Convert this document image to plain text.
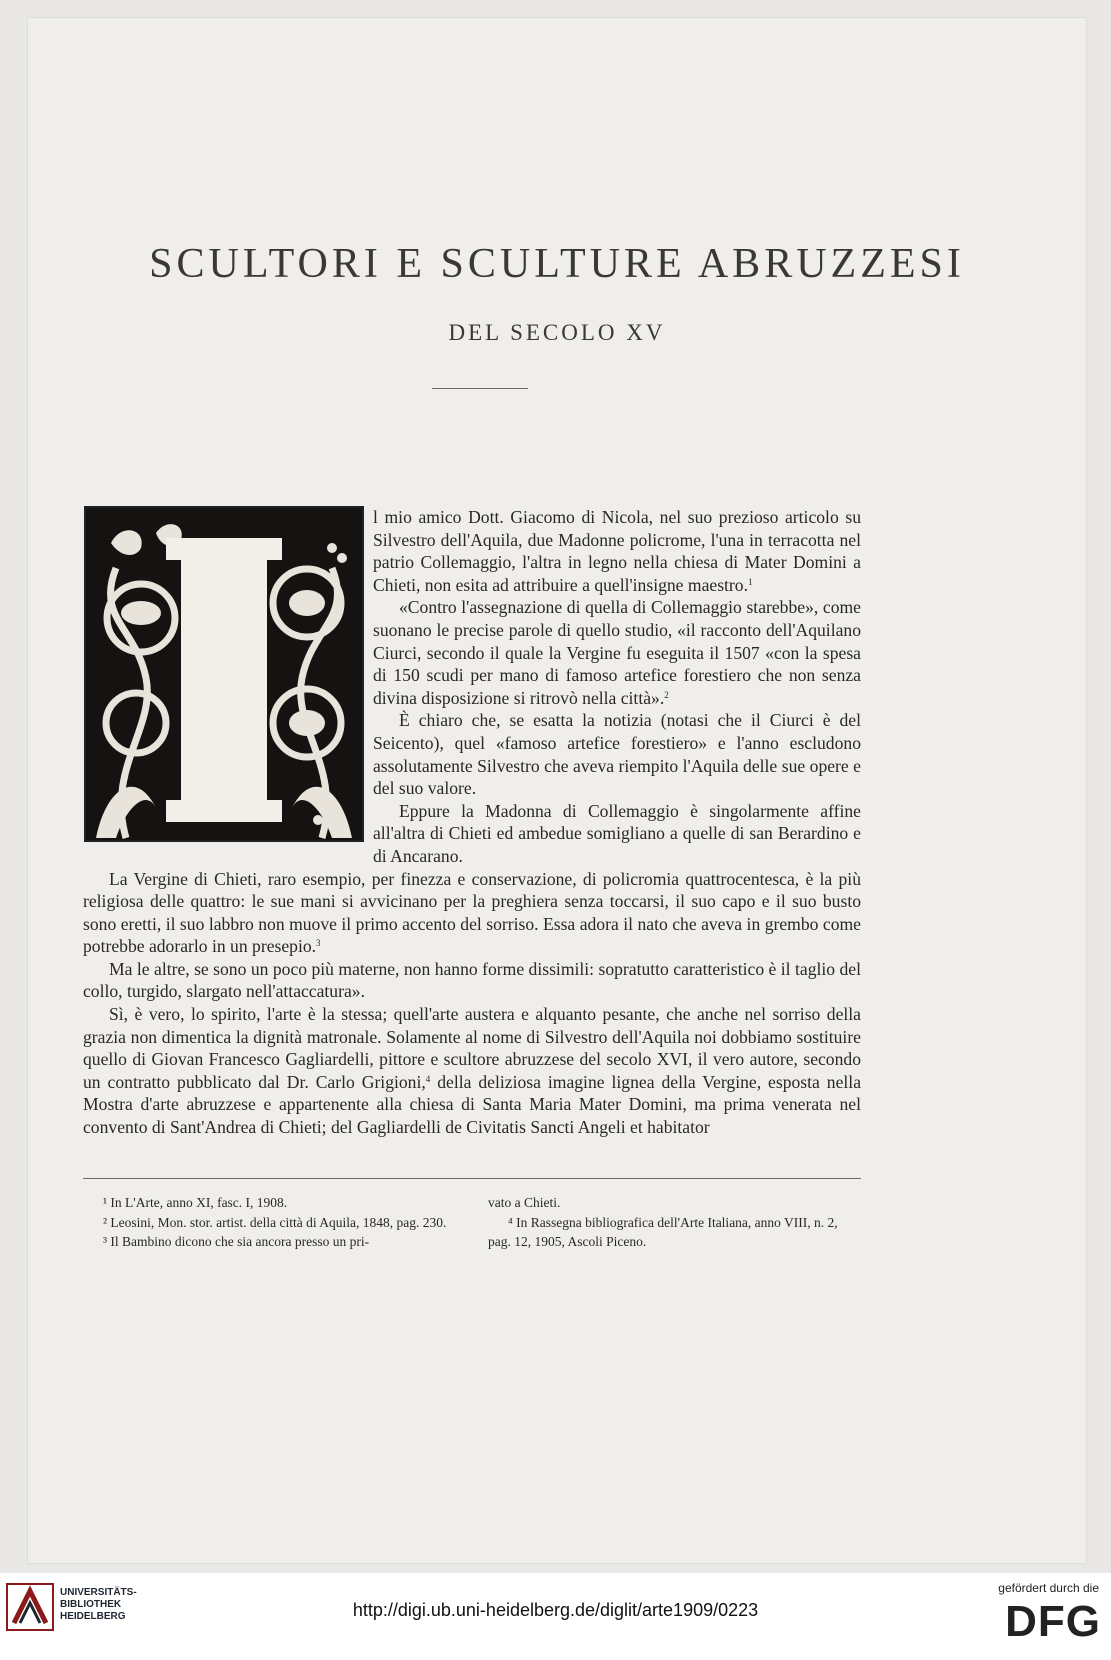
SCULTORI E SCULTURE ABRUZZESI
DEL SECOLO XV

l mio amico Dott. Giacomo di Nicola, nel suo prezioso articolo su Silvestro dell'Aquila, due Madonne policrome, l'una in terracotta nel patrio Collemaggio, l'altra in legno nella chiesa di Mater Domini a Chieti, non esita ad attribuire a quell'insigne maestro.$^1$

«Contro l'assegnazione di quella di Collemaggio starebbe», come suonano le precise parole di quello studio, «il racconto dell'Aquilano Ciurci, secondo il quale la Vergine fu eseguita il 1507 «con la spesa di 150 scudi per mano di famoso artefice forestiero che non senza divina disposizione si ritrovò nella città».$^2$

È chiaro che, se esatta la notizia (notasi che il Ciurci è del Seicento), quel «famoso artefice forestiero» e l'anno escludono assolutamente Silvestro che aveva riempito l'Aquila delle sue opere e del suo valore.

Eppure la Madonna di Collemaggio è singolarmente affine all'altra di Chieti ed ambedue somigliano a quelle di san Berardino e di Ancarano.

La Vergine di Chieti, raro esempio, per finezza e conservazione, di policromia quattrocentesca, è la più religiosa delle quattro: le sue mani si avvicinano per la preghiera senza toccarsi, il suo capo e il suo busto sono eretti, il suo labbro non muove il primo accento del sorriso. Essa adora il nato che aveva in grembo come potrebbe adorarlo in un presepio.$^3$

Ma le altre, se sono un poco più materne, non hanno forme dissimili: sopratutto caratteristico è il taglio del collo, turgido, slargato nell'attaccatura».

Sì, è vero, lo spirito, l'arte è la stessa; quell'arte austera e alquanto pesante, che anche nel sorriso della grazia non dimentica la dignità matronale. Solamente al nome di Silvestro dell'Aquila noi dobbiamo sostituire quello di Giovan Francesco Gagliardelli, pittore e scultore abruzzese del secolo XVI, il vero autore, secondo un contratto pubblicato dal Dr. Carlo Grigioni,$^4$ della deliziosa imagine lignea della Vergine, esposta nella Mostra d'arte abruzzese e appartenente alla chiesa di Santa Maria Mater Domini, ma prima venerata nel convento di Sant'Andrea di Chieti; del Gagliardelli de Civitatis Sancti Angeli et habitator

¹ In L'Arte, anno XI, fasc. I, 1908.

² Leosini, Mon. stor. artist. della città di Aquila, 1848, pag. 230.

³ Il Bambino dicono che sia ancora presso un pri-

vato a Chieti.

⁴ In Rassegna bibliografica dell'Arte Italiana, anno VIII, n. 2, pag. 12, 1905, Ascoli Piceno.

UNIVERSITÄTS-
BIBLIOTHEK
HEIDELBERG	http://digi.ub.uni-heidelberg.de/diglit/arte1909/0223
gefördert durch die
DFG
